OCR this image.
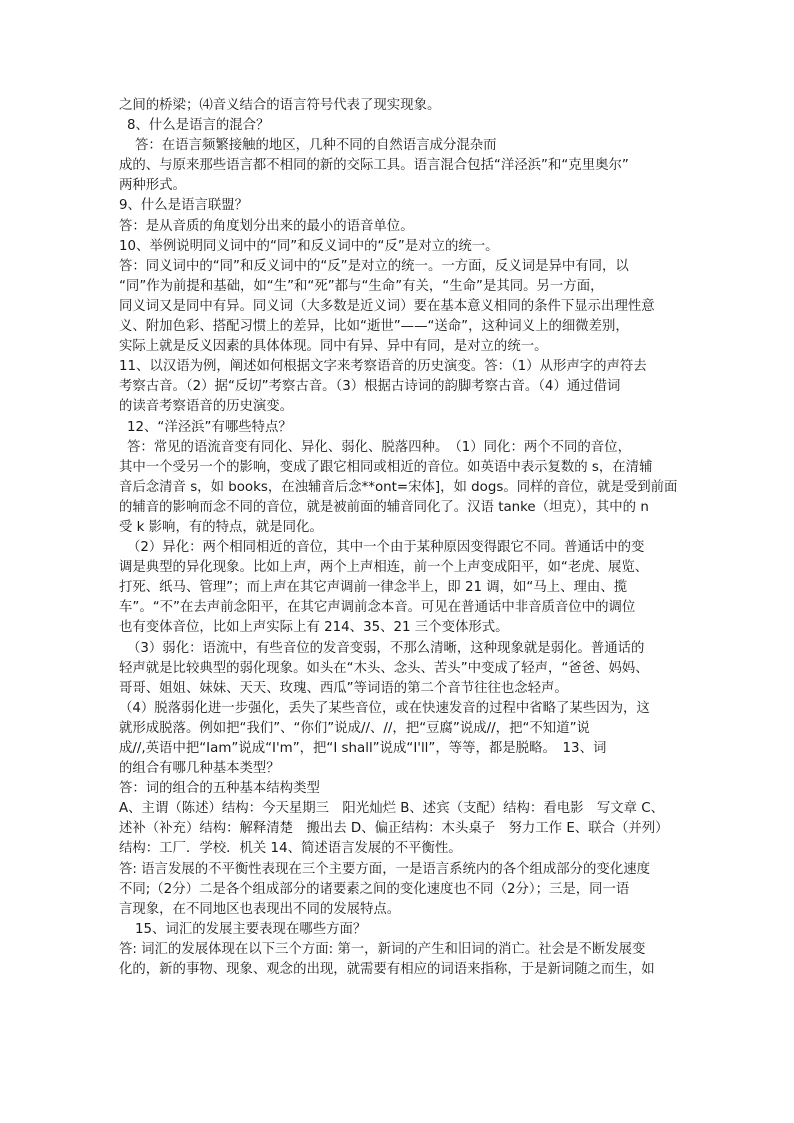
之间的桥梁；⑷音义结合的语言符号代表了现实现象。

8、什么是语言的混合？

答：在语言频繁接触的地区，几种不同的自然语言成分混杂而

成的、与原来那些语言都不相同的新的交际工具。语言混合包括“洋泾浜”和“克里奥尔”

两种形式。

9、什么是语言联盟？

答：是从音质的角度划分出来的最小的语音单位。

10、举例说明同义词中的“同”和反义词中的“反”是对立的统一。

答：同义词中的“同”和反义词中的“反”是对立的统一。一方面，反义词是异中有同，以

“同”作为前提和基础，如“生”和“死”都与“生命”有关，“生命”是其同。另一方面，

同义词又是同中有异。同义词（大多数是近义词）要在基本意义相同的条件下显示出理性意

义、附加色彩、搭配习惯上的差异，比如“逝世”——“送命”，这种词义上的细微差别，

实际上就是反义因素的具体体现。同中有异、异中有同，是对立的统一。

11、以汉语为例，阐述如何根据文字来考察语音的历史演变。答：（1）从形声字的声符去

考察古音。（2）据“反切”考察古音。（3）根据古诗词的韵脚考察古音。（4）通过借词

的读音考察语音的历史演变。

12、“洋泾浜”有哪些特点？

答：常见的语流音变有同化、异化、弱化、脱落四种。　（1）同化：两个不同的音位，

其中一个受另一个的影响，变成了跟它相同或相近的音位。如英语中表示复数的 s，在清辅

音后念清音 s，如 books，在浊辅音后念**ont=宋体]，如 dogs。同样的音位，就是受到前面

的辅音的影响而念不同的音位，就是被前面的辅音同化了。汉语 tanke（坦克），其中的 n

受 k 影响，有的特点，就是同化。

（2）异化：两个相同相近的音位，其中一个由于某种原因变得跟它不同。普通话中的变

调是典型的异化现象。比如上声，两个上声相连，前一个上声变成阳平，如“老虎、展览、

打死、纸马、管理”；而上声在其它声调前一律念半上，即 21 调，如“马上、理由、揽

车”。“不”在去声前念阳平，在其它声调前念本音。可见在普通话中非音质音位中的调位

也有变体音位，比如上声实际上有 214、35、21 三个变体形式。

（3）弱化：语流中，有些音位的发音变弱，不那么清晰，这种现象就是弱化。普通话的

轻声就是比较典型的弱化现象。如头在“木头、念头、苦头”中变成了轻声，“爸爸、妈妈、

哥哥、姐姐、妹妹、天天、玫瑰、西瓜”等词语的第二个音节往往也念轻声。

（4）脱落弱化进一步强化，丢失了某些音位，或在快速发音的过程中省略了某些因为，这

就形成脱落。例如把“我们”、“你们”说成//、//，把“豆腐”说成//，把“不知道”说

成//,英语中把“Iam”说成“I'm”，把“I shall”说成“I'll”，等等，都是脱略。　13、词

的组合有哪几种基本类型？

答：词的组合的五种基本结构类型

A、主谓（陈述）结构：今天星期三　阳光灿烂 B、述宾（支配）结构：看电影　写文章 C、

述补（补充）结构：解释清楚　搬出去 D、偏正结构：木头桌子　努力工作 E、联合（并列）

结构：工厂．学校．机关 14、简述语言发展的不平衡性。

答: 语言发展的不平衡性表现在三个主要方面，一是语言系统内的各个组成部分的变化速度

不同;（2分）二是各个组成部分的诸要素之间的变化速度也不同（2分）；三是，同一语

言现象，在不同地区也表现出不同的发展特点。

15、词汇的发展主要表现在哪些方面？

答: 词汇的发展体现在以下三个方面: 第一，新词的产生和旧词的消亡。社会是不断发展变

化的，新的事物、现象、观念的出现，就需要有相应的词语来指称，于是新词随之而生，如
